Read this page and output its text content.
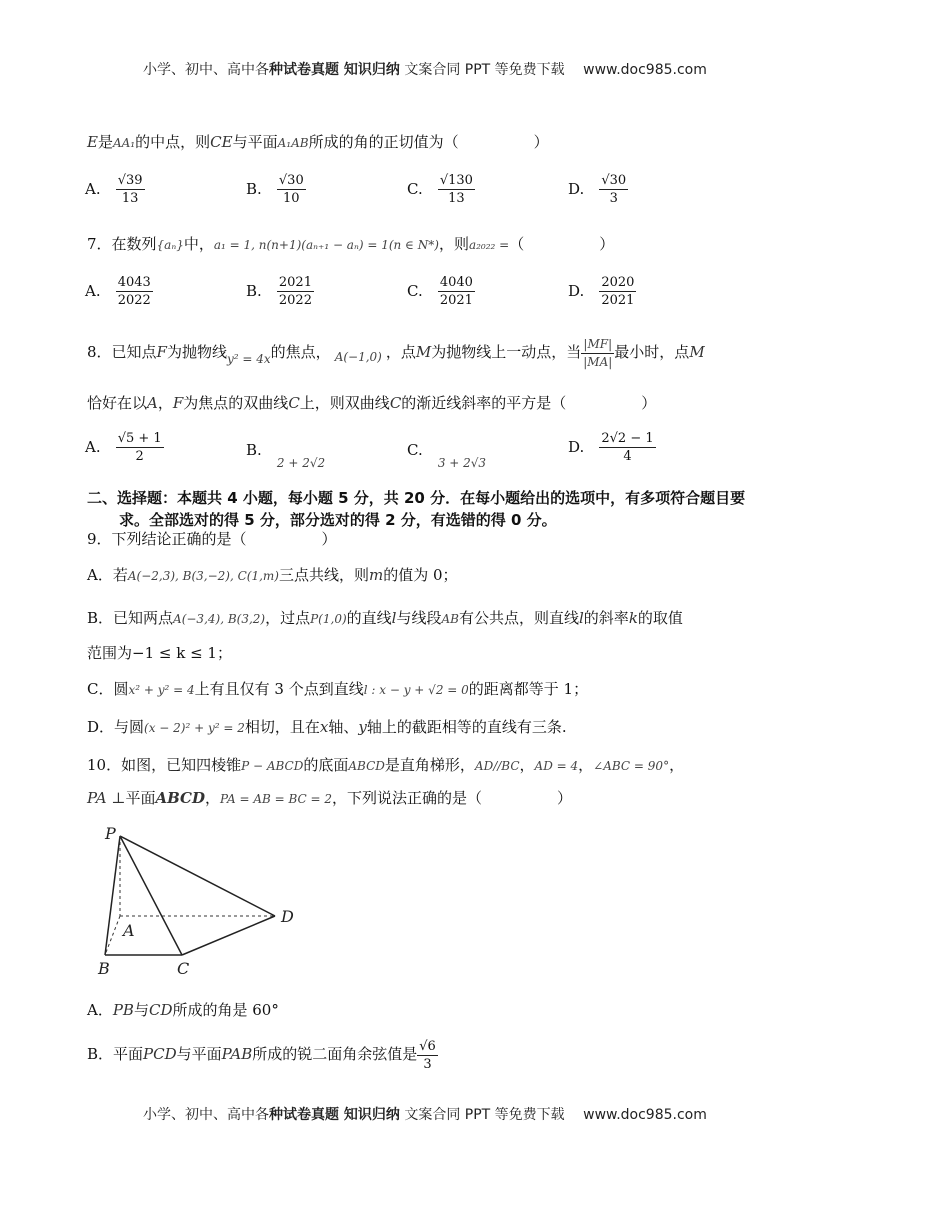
小学、初中、高中各种试卷真题 知识归纳 文案合同 PPT 等免费下载 www.doc985.com
E是AA₁的中点，则CE与平面A₁AB所成的角的正切值为（　　　　　）
A. $\frac{√39}{13}$	B. $\frac{√30}{10}$	C. $\frac{√130}{13}$	D. $\frac{√30}{3}$
7．在数列{aₙ}中，a₁ = 1, n(n+1)(aₙ₊₁ − aₙ) = 1(n ∈ N*)，则a₂₀₂₂ =（　　　　　）
A. $\frac{4043}{2022}$	B. $\frac{2021}{2022}$	C. $\frac{4040}{2021}$	D. $\frac{2020}{2021}$
8．已知点F为抛物线$_{y^2 = 4x}$的焦点， $_{A(-1,0)}$ ，点M为抛物线上一动点，当 $\frac{|MF|}{|MA|}$ 最小时，点M
恰好在以A，F为焦点的双曲线C上，则双曲线C的渐近线斜率的平方是（　　　　　）
A. $\frac{√5 + 1}{2}$	B. $_{2 + 2√2}$
C. $_{3 + 2√3}$
D. $\frac{2√2 - 1}{4}$
二、选择题：本题共 4 小题，每小题 5 分，共 20 分．在每小题给出的选项中，有多项符合题目要
求。全部选对的得 5 分，部分选对的得 2 分，有选错的得 0 分。
9．下列结论正确的是（　　　　　）
A．若A(−2,3), B(3,−2), C(1,m)三点共线，则m的值为 0；
B．已知两点A(−3,4), B(3,2)，过点P(1,0)的直线l与线段AB有公共点，则直线l的斜率k的取值
范围为−1 ≤ k ≤ 1；
C．圆x² + y² = 4上有且仅有 3 个点到直线l : x − y + √2 = 0的距离都等于 1；
D．与圆(x − 2)² + y² = 2相切，且在x轴、y轴上的截距相等的直线有三条.
10．如图，已知四棱锥P − ABCD的底面ABCD是直角梯形，AD//BC，AD = 4，∠ABC = 90°，
PA ⊥平面ABCD，PA = AB = BC = 2，下列说法正确的是（　　　　　）
P
A
B	C
D
A．PB与CD所成的角是 60°
B．平面PCD与平面PAB所成的锐二面角余弦值是 $\frac{√6}{3}$
小学、初中、高中各种试卷真题 知识归纳 文案合同 PPT 等免费下载 www.doc985.com
